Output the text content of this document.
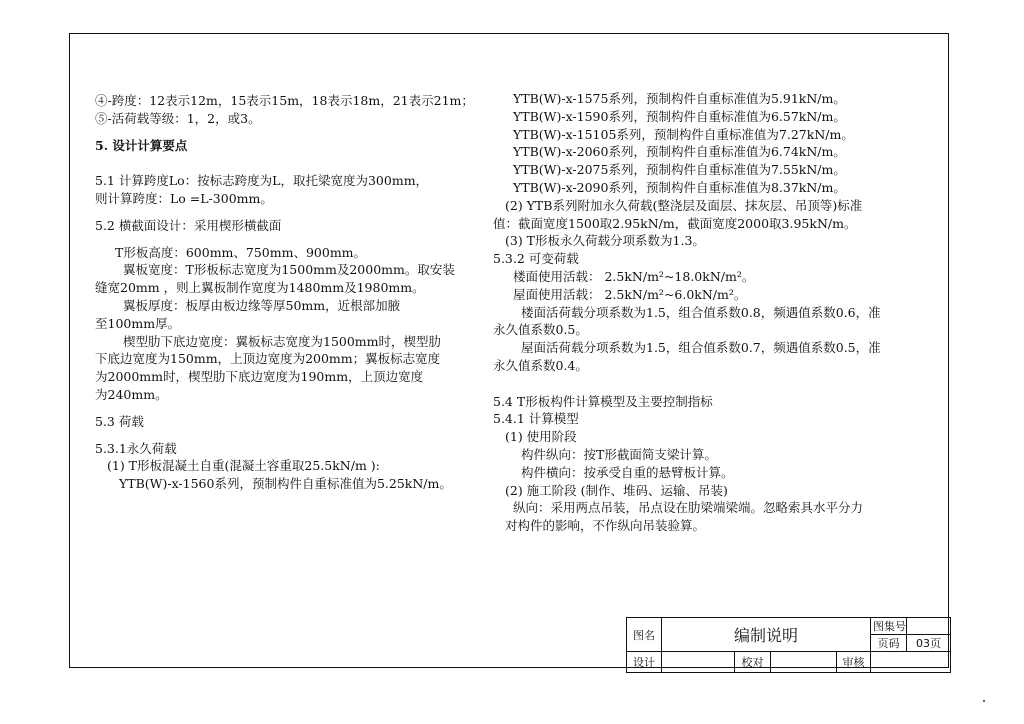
④-跨度：12表示12m，15表示15m，18表示18m，21表示21m；

⑤-活荷载等级：1，2，或3。

5. 设计计算要点

5.1 计算跨度Lo：按标志跨度为L，取托梁宽度为300mm，

则计算跨度：Lo =L-300mm。

5.2 横截面设计：采用楔形横截面

T形板高度：600mm、750mm、900mm。

翼板宽度：T形板标志宽度为1500mm及2000mm。取安装

缝宽20mm ，则上翼板制作宽度为1480mm及1980mm。

翼板厚度：板厚由板边缘等厚50mm，近根部加腋

至100mm厚。

楔型肋下底边宽度：翼板标志宽度为1500mm时，楔型肋

下底边宽度为150mm，上顶边宽度为200mm；翼板标志宽度

为2000mm时，楔型肋下底边宽度为190mm，上顶边宽度

为240mm。

5.3 荷载

5.3.1永久荷载

(1) T形板混凝土自重(混凝土容重取25.5kN/m ):

YTB(W)-x-1560系列，预制构件自重标准值为5.25kN/m。

YTB(W)-x-1575系列，预制构件自重标准值为5.91kN/m。

YTB(W)-x-1590系列，预制构件自重标准值为6.57kN/m。

YTB(W)-x-15105系列，预制构件自重标准值为7.27kN/m。

YTB(W)-x-2060系列，预制构件自重标准值为6.74kN/m。

YTB(W)-x-2075系列，预制构件自重标准值为7.55kN/m。

YTB(W)-x-2090系列，预制构件自重标准值为8.37kN/m。

(2) YTB系列附加永久荷载(整浇层及面层、抹灰层、吊顶等)标准

值：截面宽度1500取2.95kN/m，截面宽度2000取3.95kN/m。

(3) T形板永久荷载分项系数为1.3。

5.3.2 可变荷载

楼面使用活载： 2.5kN/m²~18.0kN/m²。

屋面使用活载： 2.5kN/m²~6.0kN/m²。

楼面活荷载分项系数为1.5，组合值系数0.8，频遇值系数0.6，准

永久值系数0.5。

屋面活荷载分项系数为1.5，组合值系数0.7，频遇值系数0.5，准

永久值系数0.4。

5.4 T形板构件计算模型及主要控制指标

5.4.1 计算模型

(1) 使用阶段

构件纵向：按T形截面简支梁计算。

构件横向：按承受自重的悬臂板计算。

(2) 施工阶段 (制作、堆码、运输、吊装)

纵向：采用两点吊装，吊点设在肋梁端梁端。忽略索具水平分力

对构件的影响，不作纵向吊装验算。

图名	编制说明				图集号	
					页码	03页
设计		校对		审核		
